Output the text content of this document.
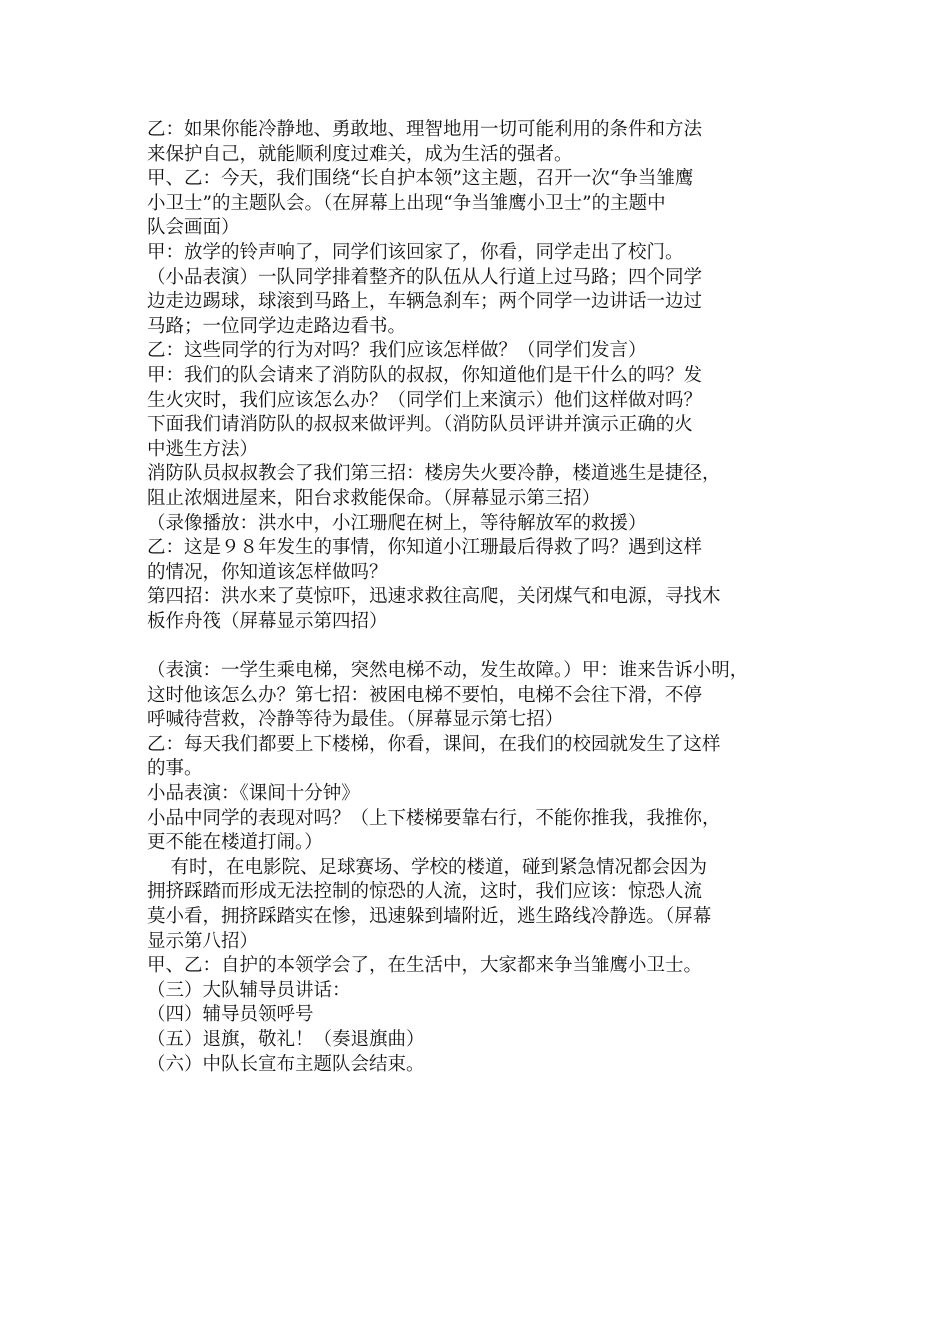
乙：如果你能冷静地、勇敢地、理智地用一切可能利用的条件和方法
来保护自己，就能顺利度过难关，成为生活的强者。
甲、乙：今天，我们围绕“长自护本领”这主题，召开一次“争当雏鹰
小卫士”的主题队会。（在屏幕上出现“争当雏鹰小卫士”的主题中
队会画面）
甲：放学的铃声响了，同学们该回家了，你看，同学走出了校门。
（小品表演）一队同学排着整齐的队伍从人行道上过马路；四个同学
边走边踢球，球滚到马路上，车辆急刹车；两个同学一边讲话一边过
马路；一位同学边走路边看书。
乙：这些同学的行为对吗？我们应该怎样做？（同学们发言）
甲：我们的队会请来了消防队的叔叔，你知道他们是干什么的吗？发
生火灾时，我们应该怎么办？（同学们上来演示）他们这样做对吗？
下面我们请消防队的叔叔来做评判。（消防队员评讲并演示正确的火
中逃生方法）
消防队员叔叔教会了我们第三招：楼房失火要冷静，楼道逃生是捷径，
阻止浓烟进屋来，阳台求救能保命。（屏幕显示第三招）
（录像播放：洪水中，小江珊爬在树上，等待解放军的救援）
乙：这是９８年发生的事情，你知道小江珊最后得救了吗？遇到这样
的情况，你知道该怎样做吗？
第四招：洪水来了莫惊吓，迅速求救往高爬，关闭煤气和电源，寻找木
板作舟筏（屏幕显示第四招）
（表演：一学生乘电梯，突然电梯不动，发生故障。）甲：谁来告诉小明，
这时他该怎么办？第七招：被困电梯不要怕，电梯不会往下滑，不停
呼喊待营救，冷静等待为最佳。（屏幕显示第七招）
乙：每天我们都要上下楼梯，你看，课间，在我们的校园就发生了这样
的事。
小品表演：《课间十分钟》
小品中同学的表现对吗？（上下楼梯要靠右行，不能你推我，我推你，
更不能在楼道打闹。）
有时，在电影院、足球赛场、学校的楼道，碰到紧急情况都会因为
拥挤踩踏而形成无法控制的惊恐的人流，这时，我们应该：惊恐人流
莫小看，拥挤踩踏实在惨，迅速躲到墙附近，逃生路线冷静选。（屏幕
显示第八招）
甲、乙：自护的本领学会了，在生活中，大家都来争当雏鹰小卫士。
（三）大队辅导员讲话：
（四）辅导员领呼号
（五）退旗，敬礼！（奏退旗曲）
（六）中队长宣布主题队会结束。
